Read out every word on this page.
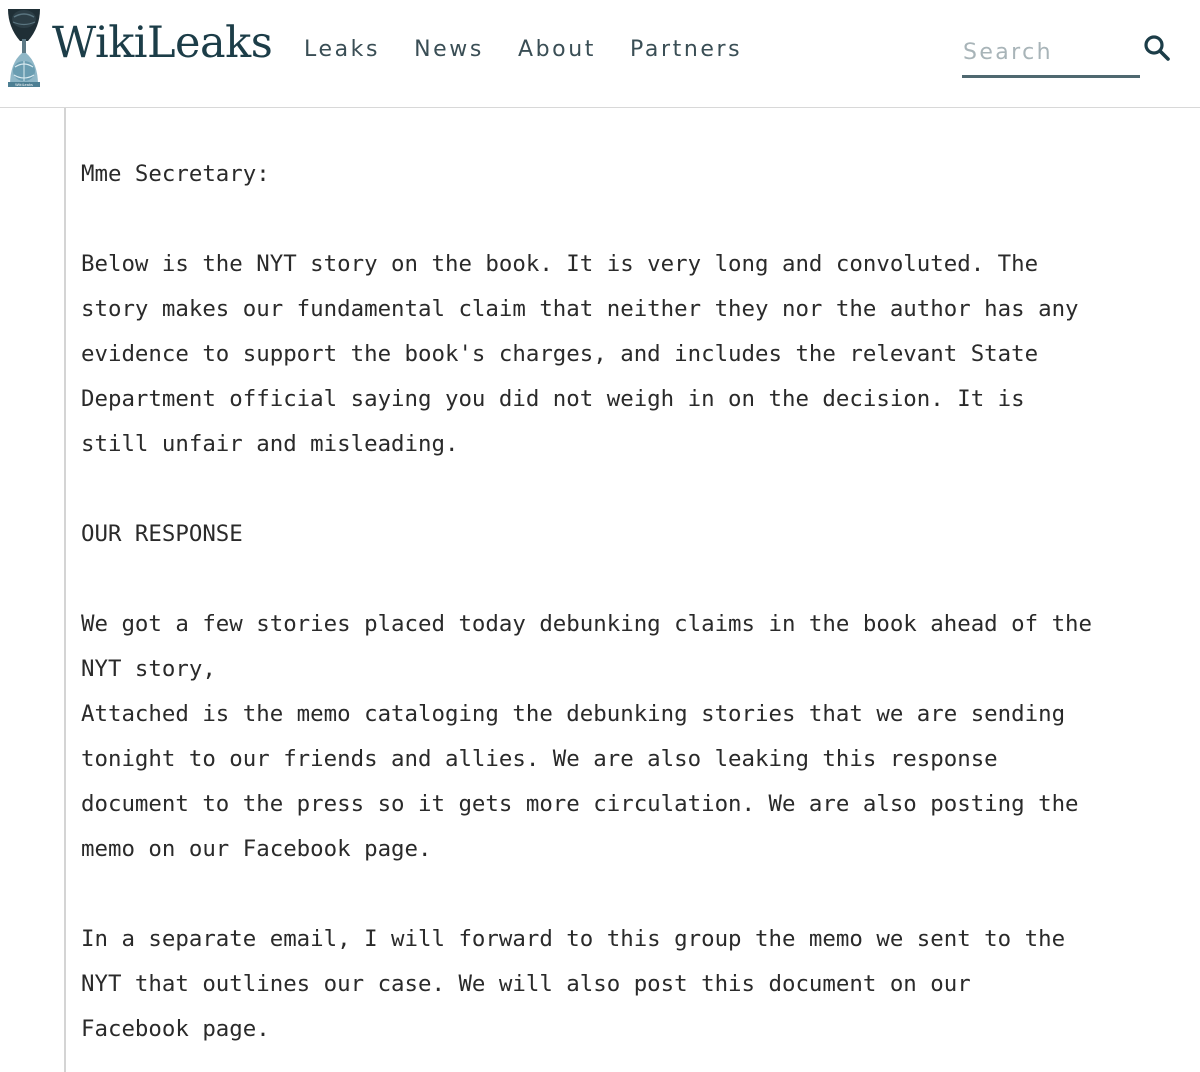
WikiLeaks
WikiLeaks Leaks News About Partners
Search
Mme Secretary:

Below is the NYT story on the book. It is very long and convoluted. The
story makes our fundamental claim that neither they nor the author has any
evidence to support the book's charges, and includes the relevant State
Department official saying you did not weigh in on the decision. It is
still unfair and misleading.

OUR RESPONSE

We got a few stories placed today debunking claims in the book ahead of the
NYT story,
Attached is the memo cataloging the debunking stories that we are sending
tonight to our friends and allies. We are also leaking this response
document to the press so it gets more circulation. We are also posting the
memo on our Facebook page.

In a separate email, I will forward to this group the memo we sent to the
NYT that outlines our case. We will also post this document on our
Facebook page.
